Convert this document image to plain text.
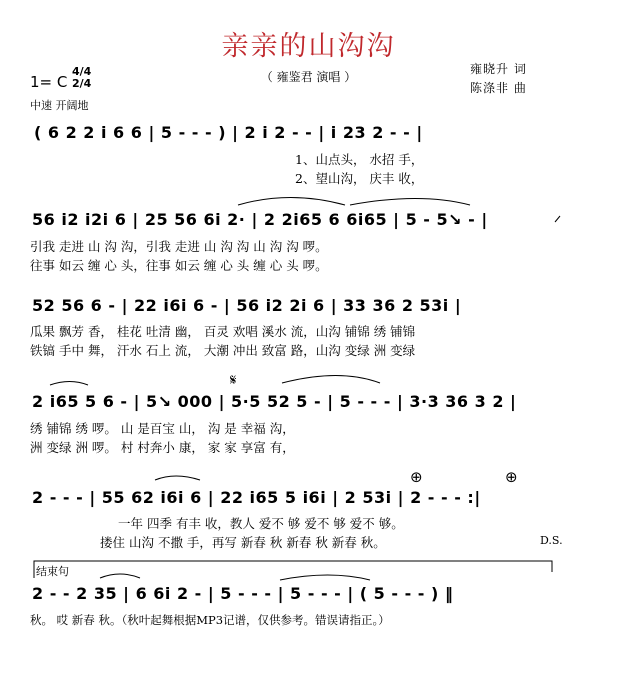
亲亲的山沟沟
（ 雍鉴君 演唱 ）
雍晓升 词
陈涤非 曲
1= C
4/4
2/4
中速 开阔地
( 6 2 2 i 6 6 | 5 - - - ) | 2 i 2 - - | i 23 2 - - |
1、山点头， 水招 手，
2、望山沟， 庆丰 收，
56 i2 i2i 6 | 25 56 6i 2· | 2 2i65 6 6i65 | 5 - 5↘ - |
引我 走进 山 沟 沟，引我 走进 山 沟 沟 山 沟 沟 啰。
往事 如云 缠 心 头，往事 如云 缠 心 头 缠 心 头 啰。
52 56 6 - | 22 i6i 6 - | 56 i2 2i 6 | 33 36 2 53i |
瓜果 飘芳 香， 桂花 吐清 幽， 百灵 欢唱 溪水 流，山沟 铺锦 绣 铺锦
铁镐 手中 舞， 汗水 石上 流， 大潮 冲出 致富 路，山沟 变绿 洲 变绿
𝄋
2 i65 5 6 - | 5↘ 000 | 5·5 52 5 - | 5 - - - | 3·3 36 3 2 |
绣 铺锦 绣 啰。 山 是百宝 山， 沟 是 幸福 沟，
洲 变绿 洲 啰。 村 村奔小 康， 家 家 享富 有，
⊕	⊕
2 - - - | 55 62 i6i 6 | 22 i65 5 i6i | 2 53i | 2 - - - :|
一年 四季 有丰 收，教人 爱不 够 爱不 够 爱不 够。
搂住 山沟 不撒 手，再写 新春 秋 新春 秋 新春 秋。	D.S.
结束句
2 - - 2 35 | 6 6i 2 - | 5 - - - | 5 - - - | ( 5 - - - ) ‖
秋。 哎 新春 秋。（秋叶起舞根据MP3记谱，仅供参考。错误请指正。）
